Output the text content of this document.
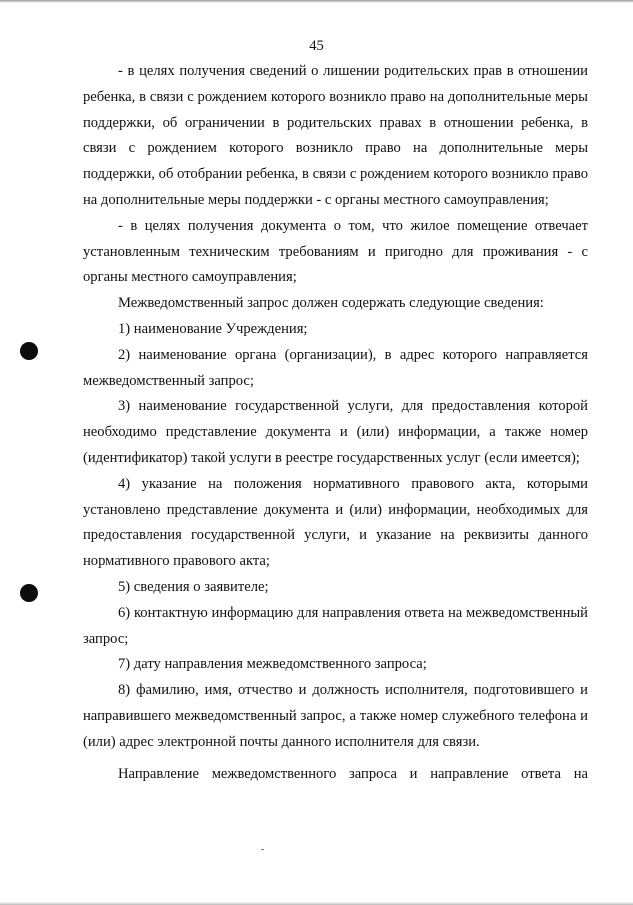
45

- в целях получения сведений о лишении родительских прав в отношении ребенка, в связи с рождением которого возникло право на дополнительные меры поддержки, об ограничении в родительских правах в отношении ребенка, в связи с рождением которого возникло право на дополнительные меры поддержки, об отобрании ребенка, в связи с рождением которого возникло право на дополнительные меры поддержки - с органы местного самоуправления;

- в целях получения документа о том, что жилое помещение отвечает установленным техническим требованиям и пригодно для проживания - с органы местного самоуправления;

Межведомственный запрос должен содержать следующие сведения:

1) наименование Учреждения;

2) наименование органа (организации), в адрес которого направляется межведомственный запрос;

3) наименование государственной услуги, для предоставления которой необходимо представление документа и (или) информации, а также номер (идентификатор) такой услуги в реестре государственных услуг (если имеется);

4) указание на положения нормативного правового акта, которыми установлено представление документа и (или) информации, необходимых для предоставления государственной услуги, и указание на реквизиты данного нормативного правового акта;

5) сведения о заявителе;

6) контактную информацию для направления ответа на межведомственный запрос;

7) дату направления межведомственного запроса;

8) фамилию, имя, отчество и должность исполнителя, подготовившего и направившего межведомственный запрос, а также номер служебного телефона и (или) адрес электронной почты данного исполнителя для связи.

Направление межведомственного запроса и направление ответа на
